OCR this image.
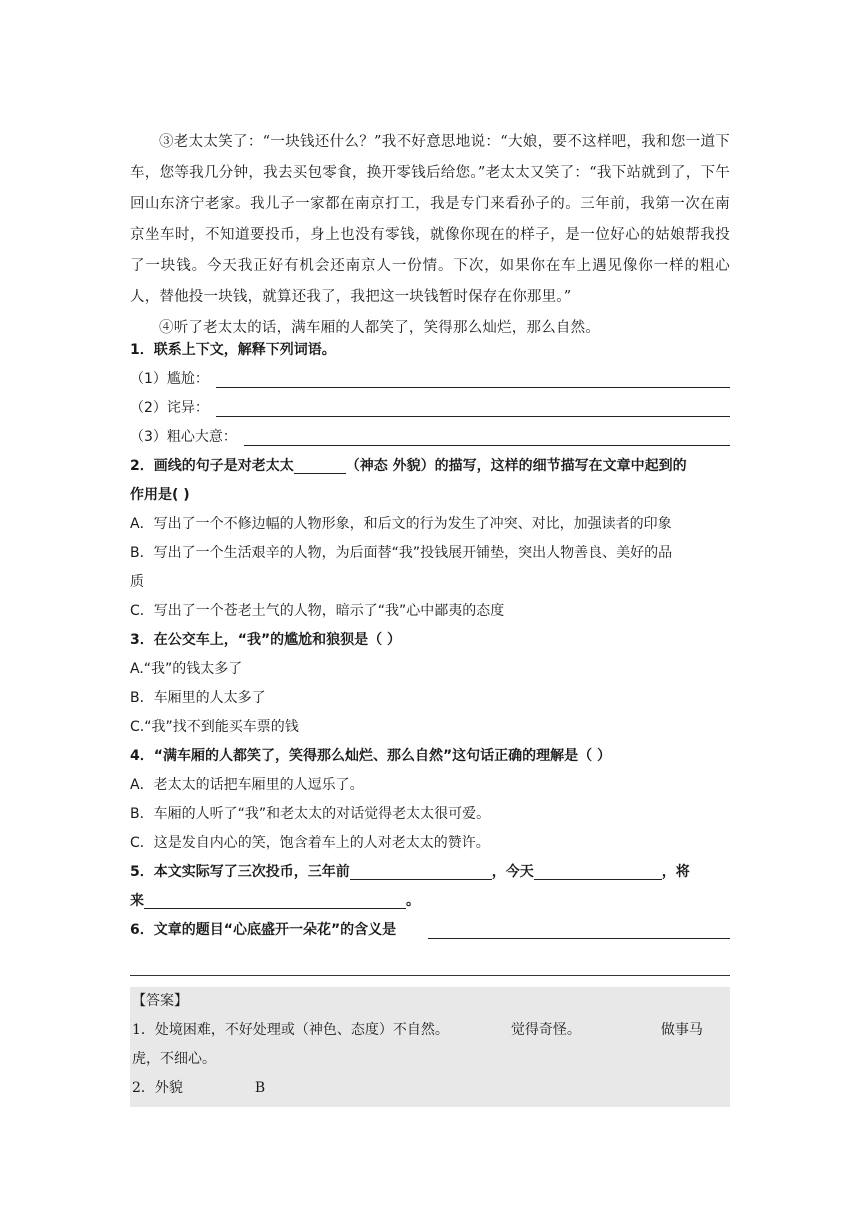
③老太太笑了：“一块钱还什么？”我不好意思地说：“大娘，要不这样吧，我和您一道下车，您等我几分钟，我去买包零食，换开零钱后给您。”老太太又笑了：“我下站就到了，下午回山东济宁老家。我儿子一家都在南京打工，我是专门来看孙子的。三年前，我第一次在南京坐车时，不知道要投币，身上也没有零钱，就像你现在的样子，是一位好心的姑娘帮我投了一块钱。今天我正好有机会还南京人一份情。下次，如果你在车上遇见像你一样的粗心人，替他投一块钱，就算还我了，我把这一块钱暂时保存在你那里。”

④听了老太太的话，满车厢的人都笑了，笑得那么灿烂，那么自然。

1．联系上下文，解释下列词语。
（1）尴尬：
（2）诧异：
（3）粗心大意：
2．画线的句子是对老太太	（神态 外貌）的描写，这样的细节描写在文章中起到的
作用是( )
A．写出了一个不修边幅的人物形象，和后文的行为发生了冲突、对比，加强读者的印象
B．写出了一个生活艰辛的人物，为后面替“我”投钱展开铺垫，突出人物善良、美好的品
质
C．写出了一个苍老土气的人物，暗示了“我”心中鄙夷的态度
3．在公交车上，“我”的尴尬和狼狈是（ ）
A.“我”的钱太多了
B．车厢里的人太多了
C.“我”找不到能买车票的钱
4．“满车厢的人都笑了，笑得那么灿烂、那么自然”这句话正确的理解是（ ）
A．老太太的话把车厢里的人逗乐了。
B．车厢的人听了“我”和老太太的对话觉得老太太很可爱。
C．这是发自内心的笑，饱含着车上的人对老太太的赞许。
5．本文实际写了三次投币，三年前	，今天	，将
来	。
6．文章的题目“心底盛开一朵花”的含义是
【答案】
1．处境困难，不好处理或（神色、态度）不自然。	觉得奇怪。	做事马
虎，不细心。
2．外貌	B
